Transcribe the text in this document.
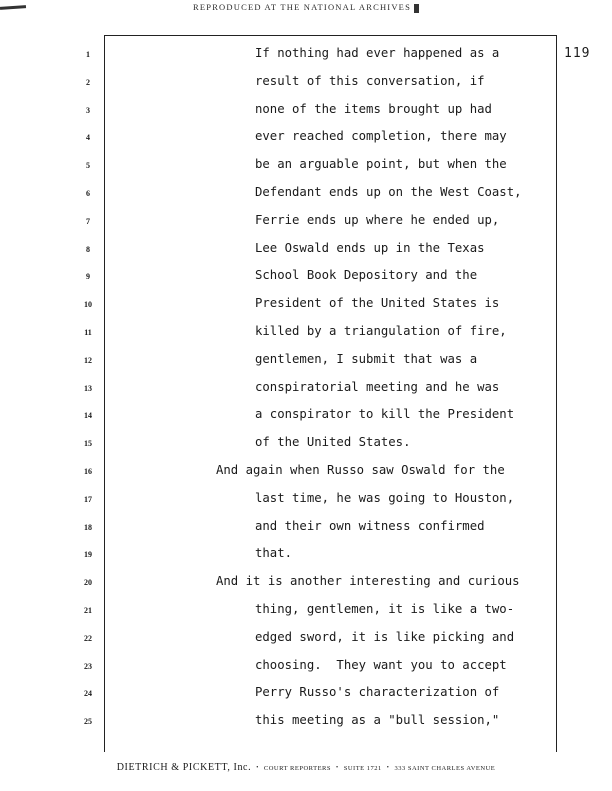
REPRODUCED AT THE NATIONAL ARCHIVES
119
1
2
3
4
5
6
7
8
9
10
11
12
13
14
15
16
17
18
19
20
21
22
23
24
25
If nothing had ever happened as a
result of this conversation, if
none of the items brought up had
ever reached completion, there may
be an arguable point, but when the
Defendant ends up on the West Coast,
Ferrie ends up where he ended up,
Lee Oswald ends up in the Texas
School Book Depository and the
President of the United States is
killed by a triangulation of fire,
gentlemen, I submit that was a
conspiratorial meeting and he was
a conspirator to kill the President
of the United States.
And again when Russo saw Oswald for the
last time, he was going to Houston,
and their own witness confirmed
that.
And it is another interesting and curious
thing, gentlemen, it is like a two-
edged sword, it is like picking and
choosing.  They want you to accept
Perry Russo's characterization of
this meeting as a "bull session,"
DIETRICH & PICKETT, Inc. • COURT REPORTERS • SUITE 1721 • 333 SAINT CHARLES AVENUE
